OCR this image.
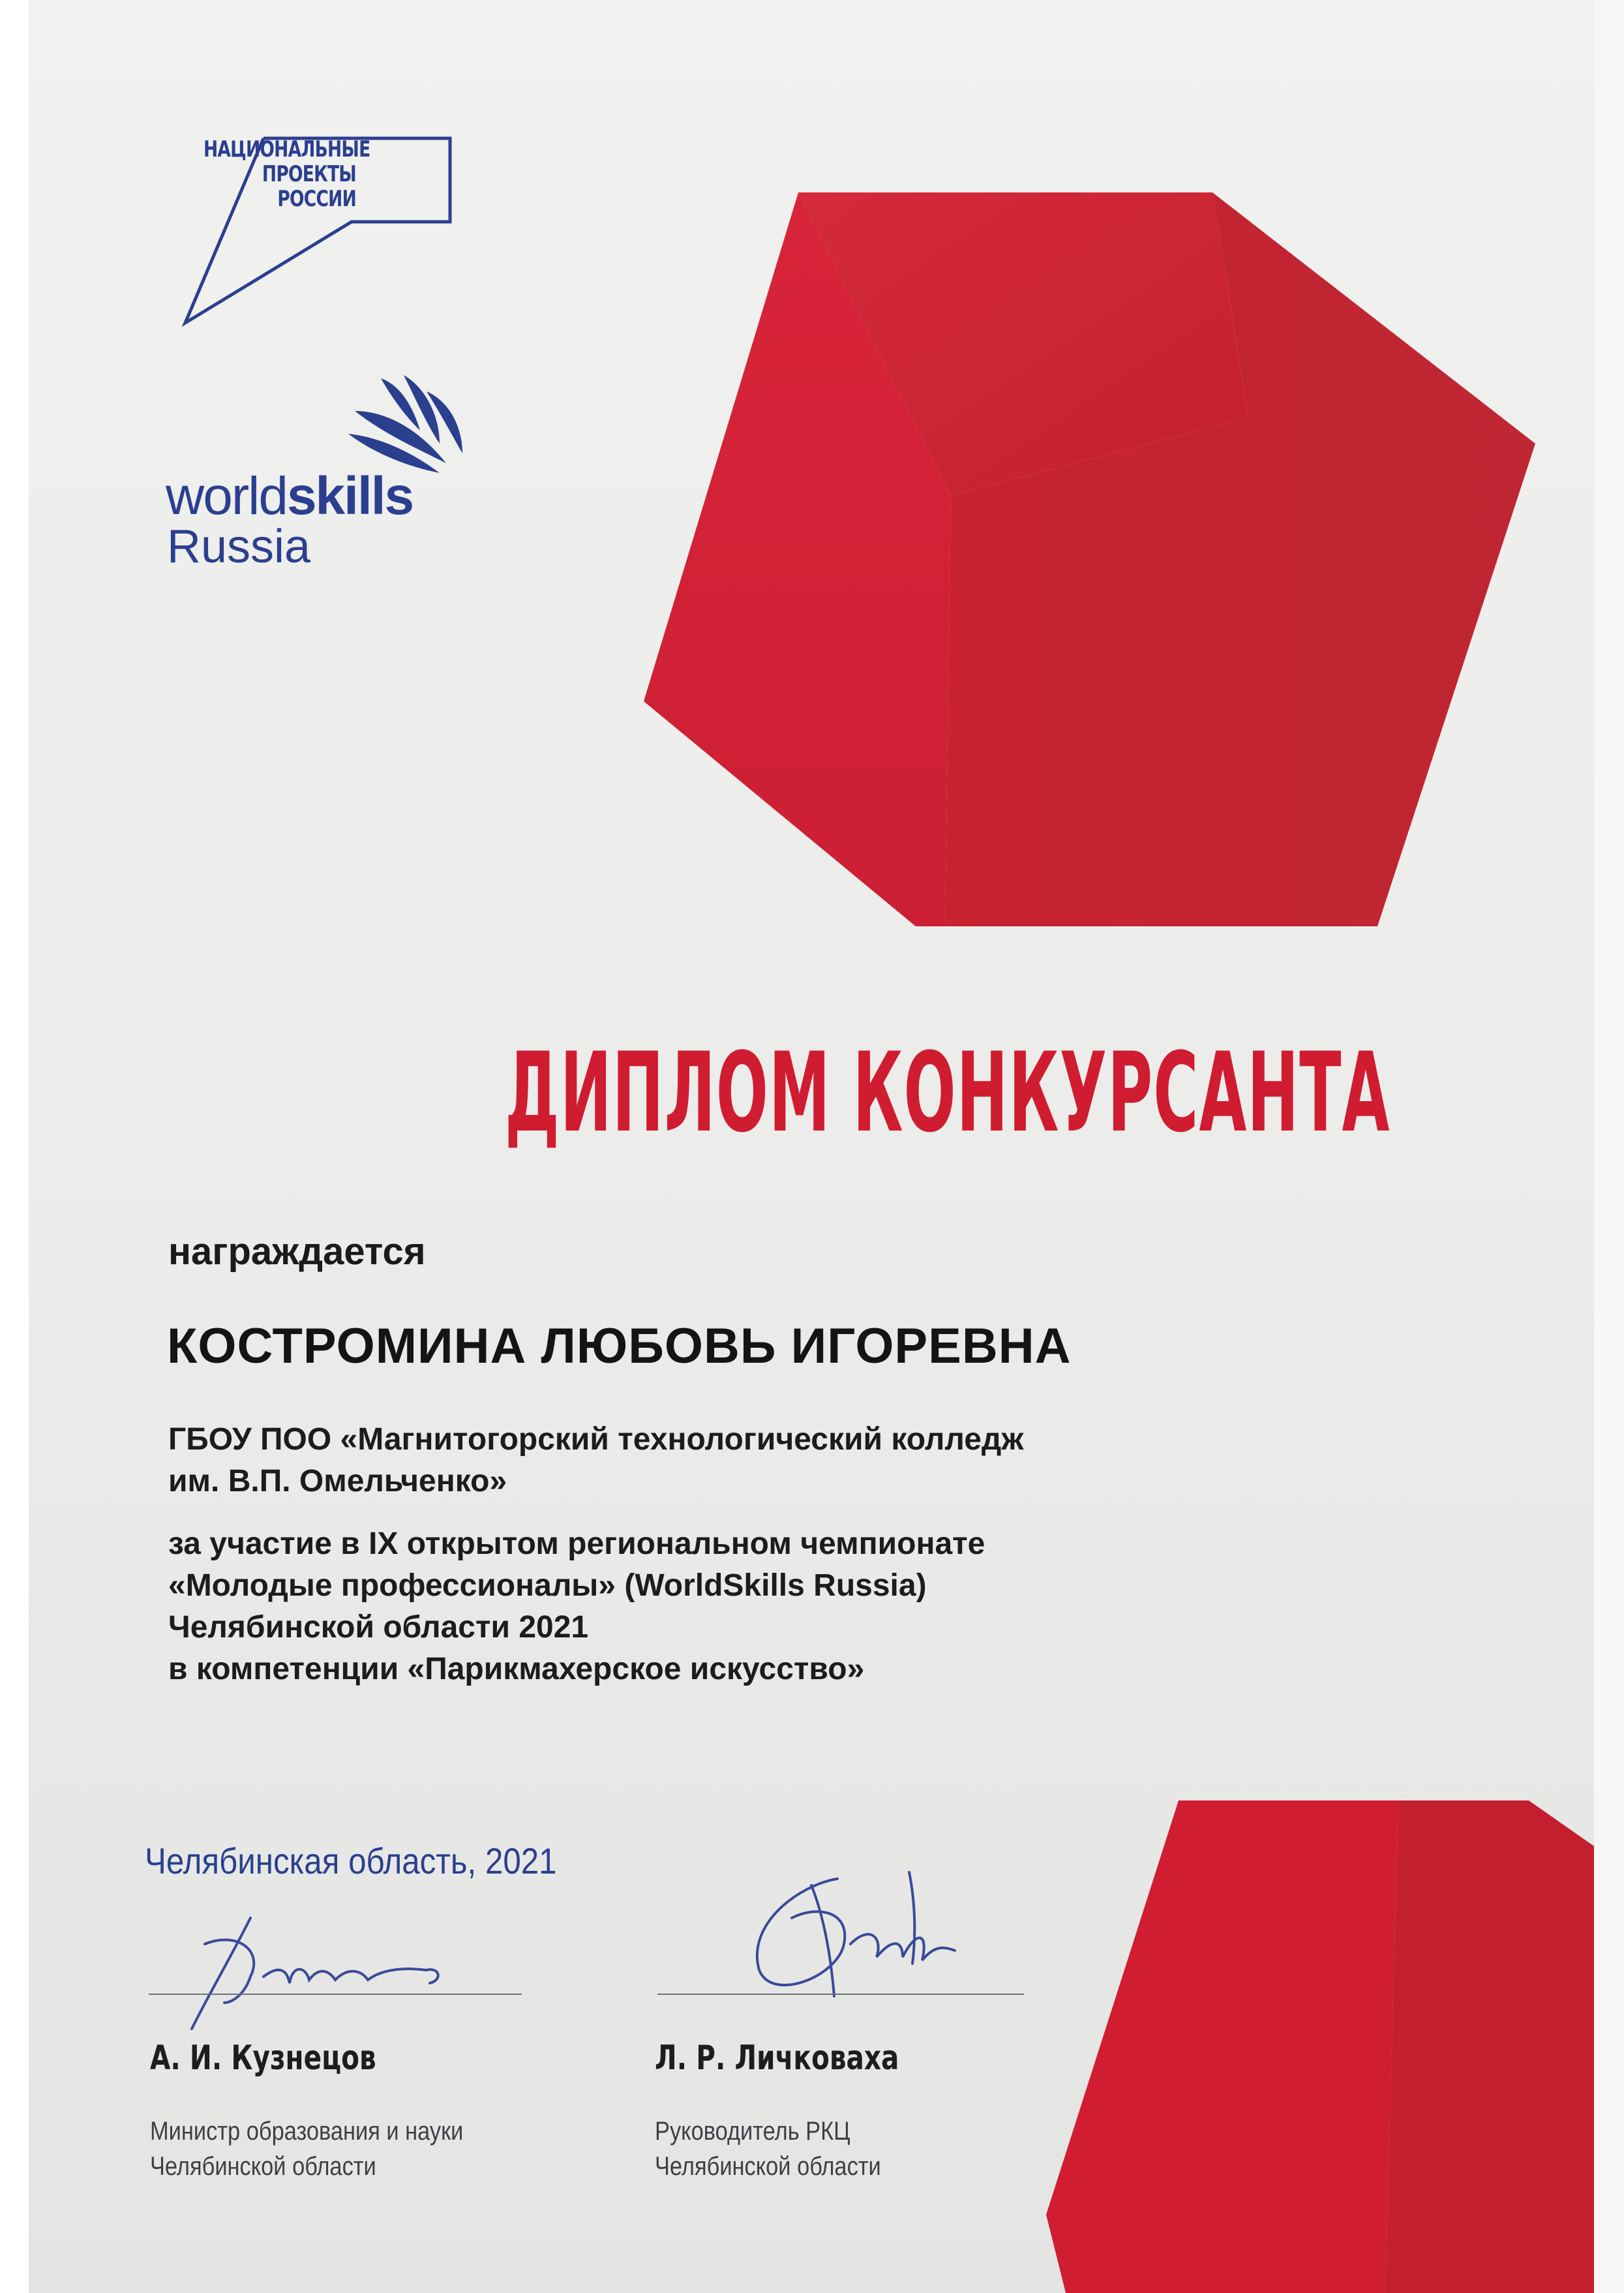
НАЦИОНАЛЬНЫЕ
ПРОЕКТЫ
РОССИИ
worldskills
Russia
ДИПЛОМ КОНКУРСАНТА
награждается
КОСТРОМИНА ЛЮБОВЬ ИГОРЕВНА
ГБОУ ПОО «Магнитогорский технологический колледж
им. В.П. Омельченко»
за участие в IX открытом региональном чемпионате
«Молодые профессионалы» (WorldSkills Russia)
Челябинской области 2021
в компетенции «Парикмахерское искусство»
Челябинская область, 2021
А. И. Кузнецов	Л. Р. Личковаха
Министр образования и науки
Челябинской области
Руководитель РКЦ
Челябинской области
